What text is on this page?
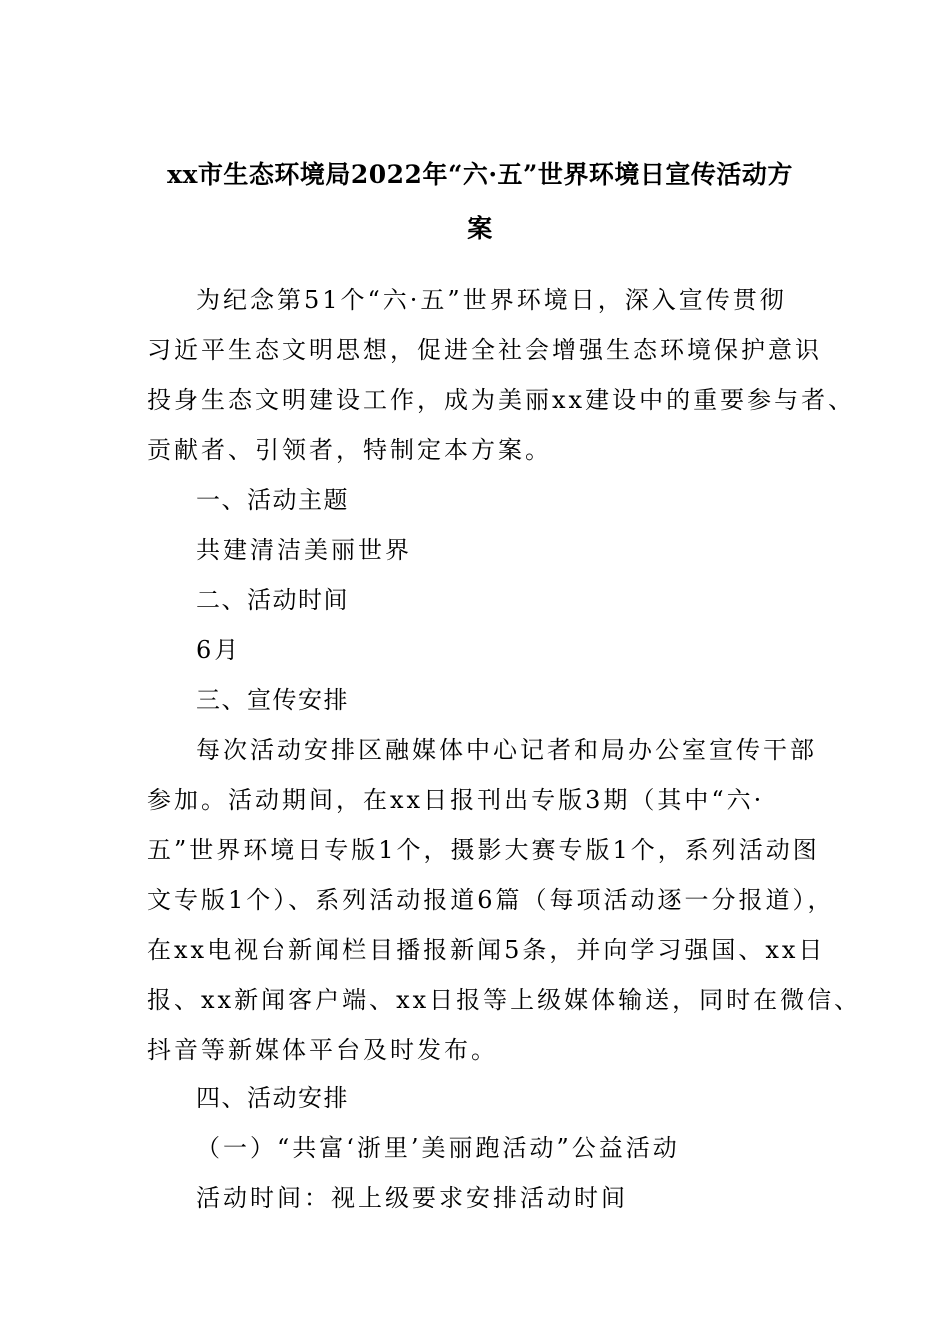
xx市生态环境局2022年“六·五”世界环境日宣传活动方
案
为纪念第51个“六·五”世界环境日，深入宣传贯彻
习近平生态文明思想，促进全社会增强生态环境保护意识
投身生态文明建设工作，成为美丽xx建设中的重要参与者、
贡献者、引领者，特制定本方案。
一、活动主题
共建清洁美丽世界
二、活动时间
6月
三、宣传安排
每次活动安排区融媒体中心记者和局办公室宣传干部
参加。活动期间，在xx日报刊出专版3期（其中“六·
五”世界环境日专版1个，摄影大赛专版1个，系列活动图
文专版1个）、系列活动报道6篇（每项活动逐一分报道），
在xx电视台新闻栏目播报新闻5条，并向学习强国、xx日
报、xx新闻客户端、xx日报等上级媒体输送，同时在微信、
抖音等新媒体平台及时发布。
四、活动安排
（一）“共富‘浙里’美丽跑活动”公益活动
活动时间：视上级要求安排活动时间
